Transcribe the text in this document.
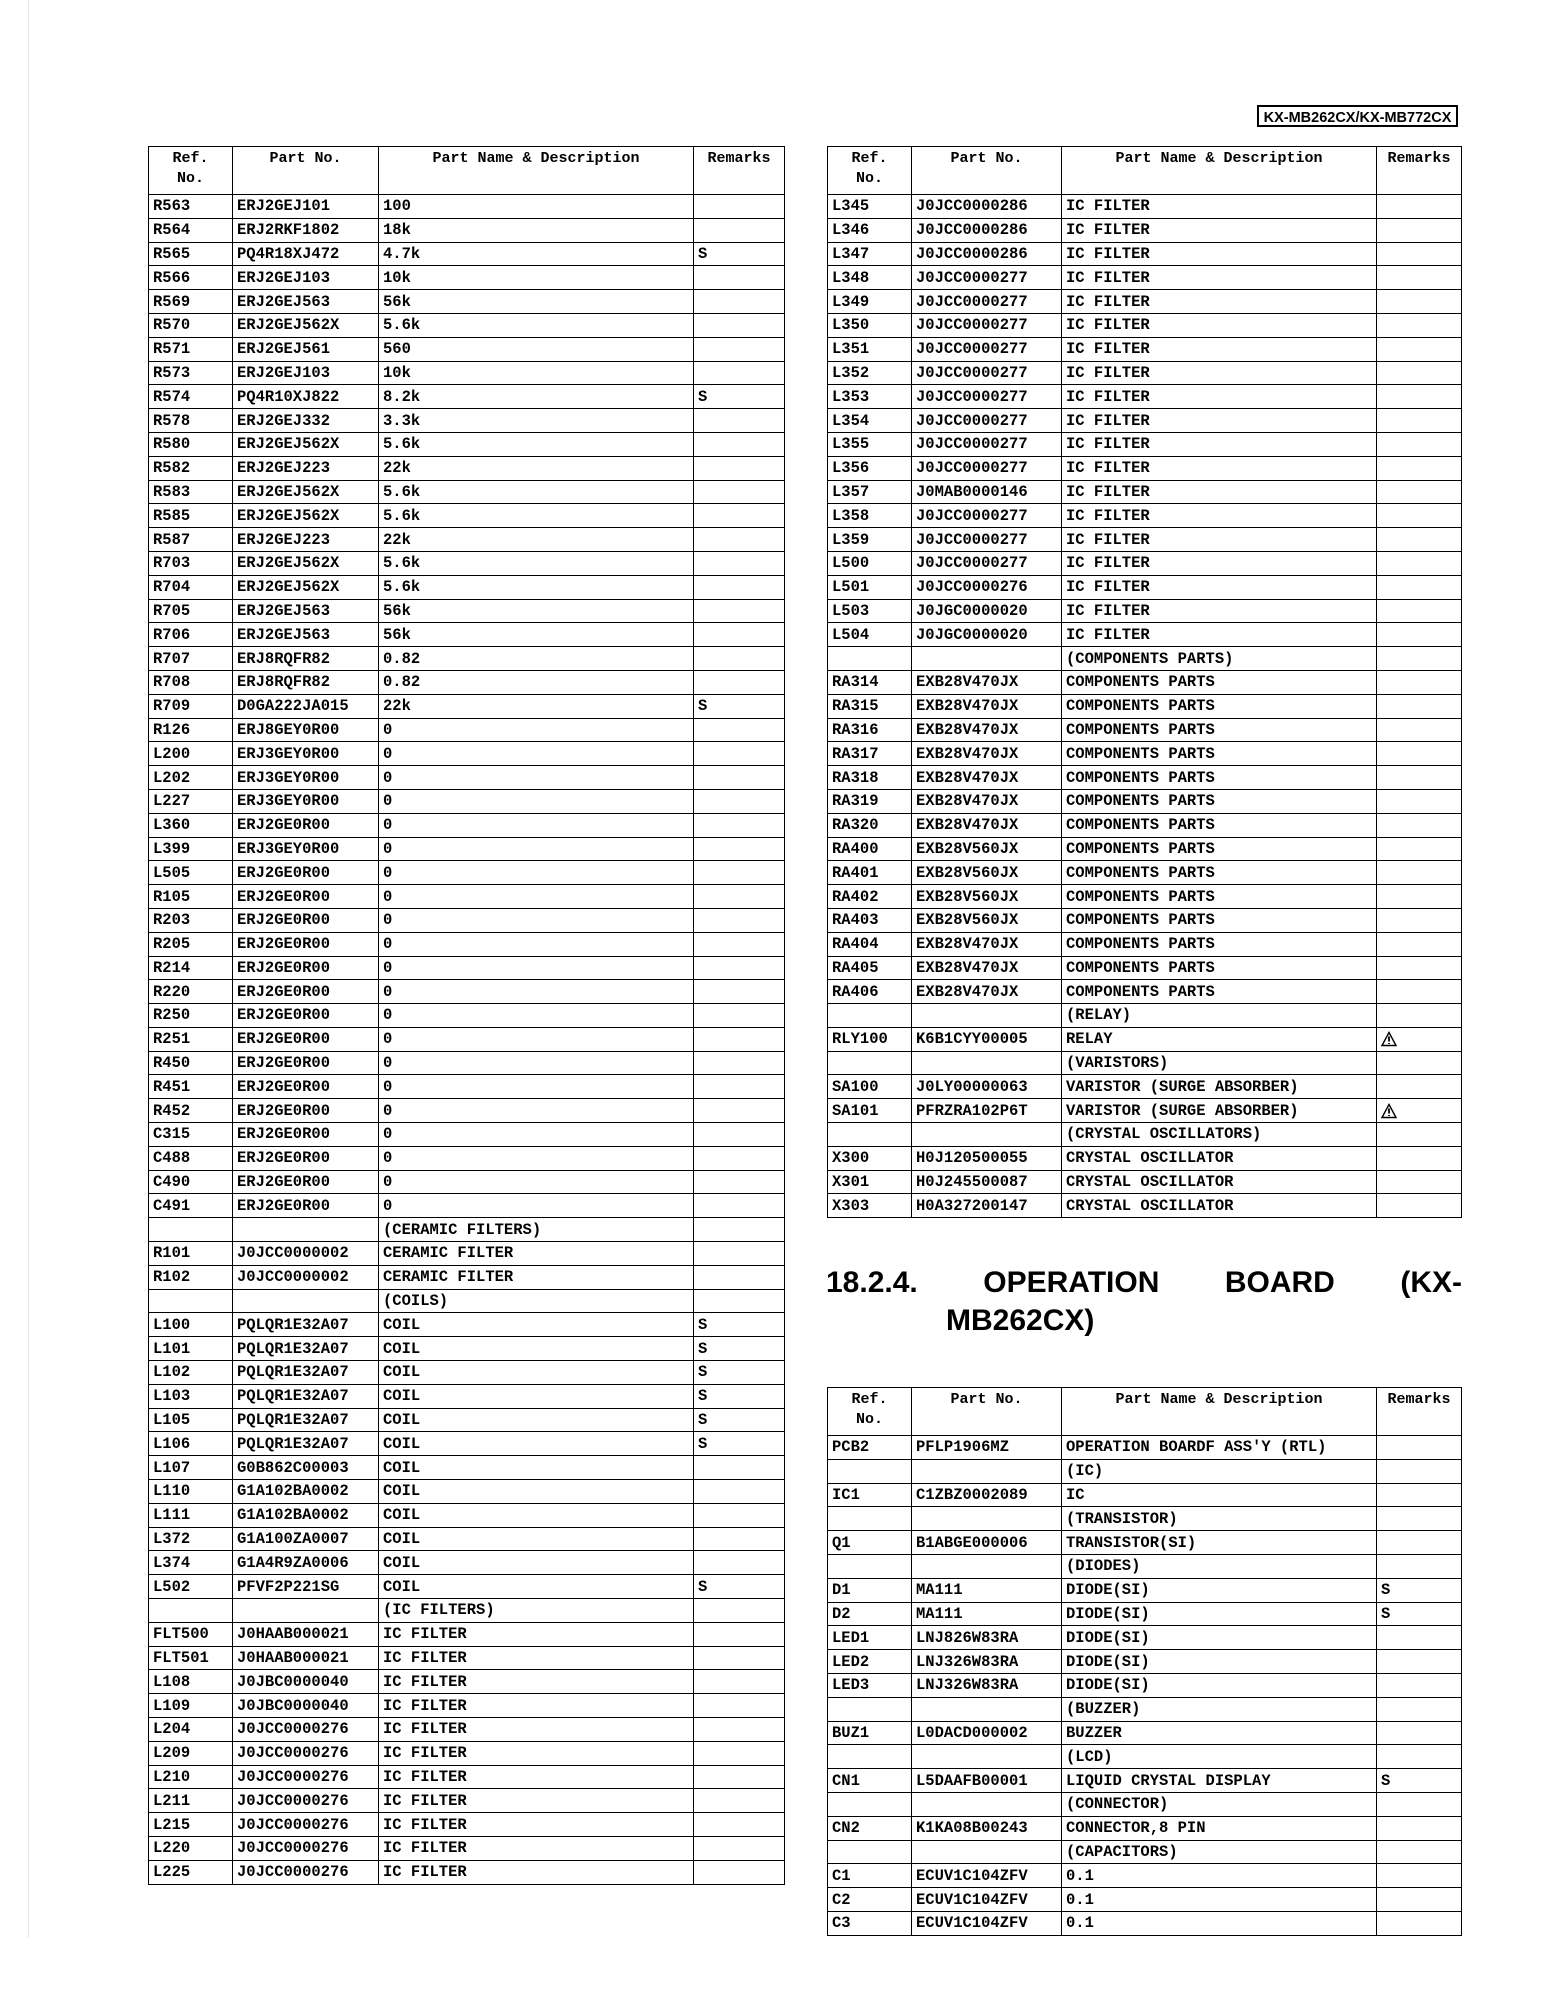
KX-MB262CX/KX-MB772CX
Ref.
No.	Part No.	Part Name & Description	Remarks
R563	ERJ2GEJ101	100	
R564	ERJ2RKF1802	18k	
R565	PQ4R18XJ472	4.7k	S
R566	ERJ2GEJ103	10k	
R569	ERJ2GEJ563	56k	
R570	ERJ2GEJ562X	5.6k	
R571	ERJ2GEJ561	560	
R573	ERJ2GEJ103	10k	
R574	PQ4R10XJ822	8.2k	S
R578	ERJ2GEJ332	3.3k	
R580	ERJ2GEJ562X	5.6k	
R582	ERJ2GEJ223	22k	
R583	ERJ2GEJ562X	5.6k	
R585	ERJ2GEJ562X	5.6k	
R587	ERJ2GEJ223	22k	
R703	ERJ2GEJ562X	5.6k	
R704	ERJ2GEJ562X	5.6k	
R705	ERJ2GEJ563	56k	
R706	ERJ2GEJ563	56k	
R707	ERJ8RQFR82	0.82	
R708	ERJ8RQFR82	0.82	
R709	D0GA222JA015	22k	S
R126	ERJ8GEY0R00	0	
L200	ERJ3GEY0R00	0	
L202	ERJ3GEY0R00	0	
L227	ERJ3GEY0R00	0	
L360	ERJ2GE0R00	0	
L399	ERJ3GEY0R00	0	
L505	ERJ2GE0R00	0	
R105	ERJ2GE0R00	0	
R203	ERJ2GE0R00	0	
R205	ERJ2GE0R00	0	
R214	ERJ2GE0R00	0	
R220	ERJ2GE0R00	0	
R250	ERJ2GE0R00	0	
R251	ERJ2GE0R00	0	
R450	ERJ2GE0R00	0	
R451	ERJ2GE0R00	0	
R452	ERJ2GE0R00	0	
C315	ERJ2GE0R00	0	
C488	ERJ2GE0R00	0	
C490	ERJ2GE0R00	0	
C491	ERJ2GE0R00	0	
		(CERAMIC FILTERS)	
R101	J0JCC0000002	CERAMIC FILTER	
R102	J0JCC0000002	CERAMIC FILTER	
		(COILS)	
L100	PQLQR1E32A07	COIL	S
L101	PQLQR1E32A07	COIL	S
L102	PQLQR1E32A07	COIL	S
L103	PQLQR1E32A07	COIL	S
L105	PQLQR1E32A07	COIL	S
L106	PQLQR1E32A07	COIL	S
L107	G0B862C00003	COIL	
L110	G1A102BA0002	COIL	
L111	G1A102BA0002	COIL	
L372	G1A100ZA0007	COIL	
L374	G1A4R9ZA0006	COIL	
L502	PFVF2P221SG	COIL	S
		(IC FILTERS)	
FLT500	J0HAAB000021	IC FILTER	
FLT501	J0HAAB000021	IC FILTER	
L108	J0JBC0000040	IC FILTER	
L109	J0JBC0000040	IC FILTER	
L204	J0JCC0000276	IC FILTER	
L209	J0JCC0000276	IC FILTER	
L210	J0JCC0000276	IC FILTER	
L211	J0JCC0000276	IC FILTER	
L215	J0JCC0000276	IC FILTER	
L220	J0JCC0000276	IC FILTER	
L225	J0JCC0000276	IC FILTER	
Ref.
No.	Part No.	Part Name & Description	Remarks
L345	J0JCC0000286	IC FILTER	
L346	J0JCC0000286	IC FILTER	
L347	J0JCC0000286	IC FILTER	
L348	J0JCC0000277	IC FILTER	
L349	J0JCC0000277	IC FILTER	
L350	J0JCC0000277	IC FILTER	
L351	J0JCC0000277	IC FILTER	
L352	J0JCC0000277	IC FILTER	
L353	J0JCC0000277	IC FILTER	
L354	J0JCC0000277	IC FILTER	
L355	J0JCC0000277	IC FILTER	
L356	J0JCC0000277	IC FILTER	
L357	J0MAB0000146	IC FILTER	
L358	J0JCC0000277	IC FILTER	
L359	J0JCC0000277	IC FILTER	
L500	J0JCC0000277	IC FILTER	
L501	J0JCC0000276	IC FILTER	
L503	J0JGC0000020	IC FILTER	
L504	J0JGC0000020	IC FILTER	
		(COMPONENTS PARTS)	
RA314	EXB28V470JX	COMPONENTS PARTS	
RA315	EXB28V470JX	COMPONENTS PARTS	
RA316	EXB28V470JX	COMPONENTS PARTS	
RA317	EXB28V470JX	COMPONENTS PARTS	
RA318	EXB28V470JX	COMPONENTS PARTS	
RA319	EXB28V470JX	COMPONENTS PARTS	
RA320	EXB28V470JX	COMPONENTS PARTS	
RA400	EXB28V560JX	COMPONENTS PARTS	
RA401	EXB28V560JX	COMPONENTS PARTS	
RA402	EXB28V560JX	COMPONENTS PARTS	
RA403	EXB28V560JX	COMPONENTS PARTS	
RA404	EXB28V470JX	COMPONENTS PARTS	
RA405	EXB28V470JX	COMPONENTS PARTS	
RA406	EXB28V470JX	COMPONENTS PARTS	
		(RELAY)	
RLY100	K6B1CYY00005	RELAY	
		(VARISTORS)	
SA100	J0LY00000063	VARISTOR (SURGE ABSORBER)	
SA101	PFRZRA102P6T	VARISTOR (SURGE ABSORBER)	
		(CRYSTAL OSCILLATORS)	
X300	H0J120500055	CRYSTAL OSCILLATOR	
X301	H0J245500087	CRYSTAL OSCILLATOR	
X303	H0A327200147	CRYSTAL OSCILLATOR	
18.2.4. OPERATION BOARD (KX-
MB262CX)
Ref.
No.	Part No.	Part Name & Description	Remarks
PCB2	PFLP1906MZ	OPERATION BOARDF ASS'Y (RTL)	
		(IC)	
IC1	C1ZBZ0002089	IC	
		(TRANSISTOR)	
Q1	B1ABGE000006	TRANSISTOR(SI)	
		(DIODES)	
D1	MA111	DIODE(SI)	S
D2	MA111	DIODE(SI)	S
LED1	LNJ826W83RA	DIODE(SI)	
LED2	LNJ326W83RA	DIODE(SI)	
LED3	LNJ326W83RA	DIODE(SI)	
		(BUZZER)	
BUZ1	L0DACD000002	BUZZER	
		(LCD)	
CN1	L5DAAFB00001	LIQUID CRYSTAL DISPLAY	S
		(CONNECTOR)	
CN2	K1KA08B00243	CONNECTOR,8 PIN	
		(CAPACITORS)	
C1	ECUV1C104ZFV	0.1	
C2	ECUV1C104ZFV	0.1	
C3	ECUV1C104ZFV	0.1	
